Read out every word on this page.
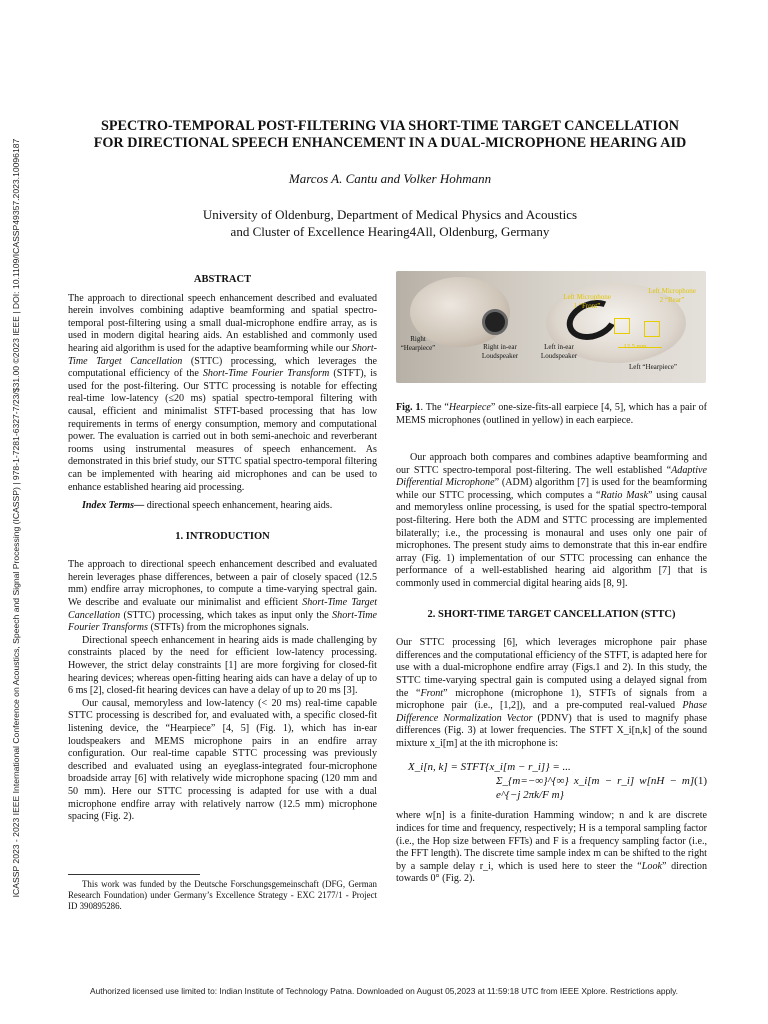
ICASSP 2023 - 2023 IEEE International Conference on Acoustics, Speech and Signal Processing (ICASSP) | 978-1-7281-6327-7/23/$31.00 ©2023 IEEE | DOI: 10.1109/ICASSP49357.2023.10096187
SPECTRO-TEMPORAL POST-FILTERING VIA SHORT-TIME TARGET CANCELLATION
FOR DIRECTIONAL SPEECH ENHANCEMENT IN A DUAL-MICROPHONE HEARING AID
Marcos A. Cantu and Volker Hohmann
University of Oldenburg, Department of Medical Physics and Acoustics
and Cluster of Excellence Hearing4All, Oldenburg, Germany
ABSTRACT

The approach to directional speech enhancement described and evaluated herein involves combining adaptive beamforming and spatial spectro-temporal post-filtering using a small dual-microphone endfire array, as is used in modern digital hearing aids. An established and commonly used hearing aid algorithm is used for the adaptive beamforming while our Short-Time Target Cancellation (STTC) processing, which leverages the computational efficiency of the Short-Time Fourier Transform (STFT), is used for the post-filtering. Our STTC processing is notable for effecting real-time low-latency (≤20 ms) spatial spectro-temporal filtering with causal, efficient and minimalist STFT-based processing that has low requirements in terms of energy consumption, memory and computational power. The evaluation is carried out in both semi-anechoic and reverberant rooms using instrumental measures of speech enhancement. As demonstrated in this brief study, our STTC spatial spectro-temporal filtering can be implemented with hearing aid microphones and can be used to enhance established hearing aid processing.

Index Terms— directional speech enhancement, hearing aids.

1. INTRODUCTION

The approach to directional speech enhancement described and evaluated herein leverages phase differences, between a pair of closely spaced (12.5 mm) endfire array microphones, to compute a time-varying spectral gain. We describe and evaluate our minimalist and efficient Short-Time Target Cancellation (STTC) processing, which takes as input only the Short-Time Fourier Transforms (STFTs) from the microphones signals.

Directional speech enhancement in hearing aids is made challenging by constraints placed by the need for efficient low-latency processing. However, the strict delay constraints [1] are more forgiving for closed-fit hearing devices; whereas open-fitting hearing aids can have a delay of up to 6 ms [2], closed-fit hearing devices can have a delay of up to 20 ms [3].

Our causal, memoryless and low-latency (< 20 ms) real-time capable STTC processing is described for, and evaluated with, a specific closed-fit listening device, the “Hearpiece” [4, 5] (Fig. 1), which has in-ear loudspeakers and MEMS microphone pairs in an endfire array configuration. Our real-time capable STTC processing was previously described and evaluated using an eyeglass-integrated four-microphone broadside array [6] with relatively wide microphone spacing (120 mm and 50 mm). Here our STTC processing is adapted for use with a dual microphone endfire array with relatively narrow (12.5 mm) microphone spacing (Fig. 2).

This work was funded by the Deutsche Forschungsgemeinschaft (DFG, German Research Foundation) under Germany’s Excellence Strategy - EXC 2177/1 - Project ID 390895286.
Right “Hearpiece”	Right in-ear Loudspeaker
Left in-ear Loudspeaker
Left “Hearpiece”
Left Microphone 1 “Front”
Left Microphone 2 “Rear”
12.5 mm
Fig. 1. The “Hearpiece” one-size-fits-all earpiece [4, 5], which has a pair of MEMS microphones (outlined in yellow) in each earpiece.

Our approach both compares and combines adaptive beamforming and our STTC spectro-temporal post-filtering. The well established “Adaptive Differential Microphone” (ADM) algorithm [7] is used for the beamforming while our STTC processing, which computes a “Ratio Mask” using causal and memoryless online processing, is used for the spatial spectro-temporal post-filtering. Here both the ADM and STTC processing are implemented bilaterally; i.e., the processing is monaural and uses only one pair of microphones. The present study aims to demonstrate that this in-ear endfire array (Fig. 1) implementation of our STTC processing can enhance the performance of a well-established hearing aid algorithm [7] that is commonly used in commercial digital hearing aids [8, 9].

2. SHORT-TIME TARGET CANCELLATION (STTC)

Our STTC processing [6], which leverages microphone pair phase differences and the computational efficiency of the STFT, is adapted here for use with a dual-microphone endfire array (Figs.1 and 2). In this study, the STTC time-varying spectral gain is computed using a delayed signal from the “Front” microphone (microphone 1), STFTs of signals from a microphone pair (i.e., [1,2]), and a pre-computed real-valued Phase Difference Normalization Vector (PDNV) that is used to magnify phase differences (Fig. 3) at lower frequencies. The STFT X_i[n,k] of the sound mixture x_i[m] at the ith microphone is:

X_i[n, k] = STFT{x_i[m − r_i]} = ...
(1)
Σ_{m=−∞}^{∞} x_i[m − r_i] w[nH − m] e^{−j 2πk/F m}

where w[n] is a finite-duration Hamming window; n and k are discrete indices for time and frequency, respectively; H is a temporal sampling factor (i.e., the Hop size between FFTs) and F is a frequency sampling factor (i.e., the FFT length). The discrete time sample index m can be shifted to the right by a sample delay r_i, which is used here to steer the “Look” direction towards 0° (Fig. 2).

Authorized licensed use limited to: Indian Institute of Technology Patna. Downloaded on August 05,2023 at 11:59:18 UTC from IEEE Xplore. Restrictions apply.
